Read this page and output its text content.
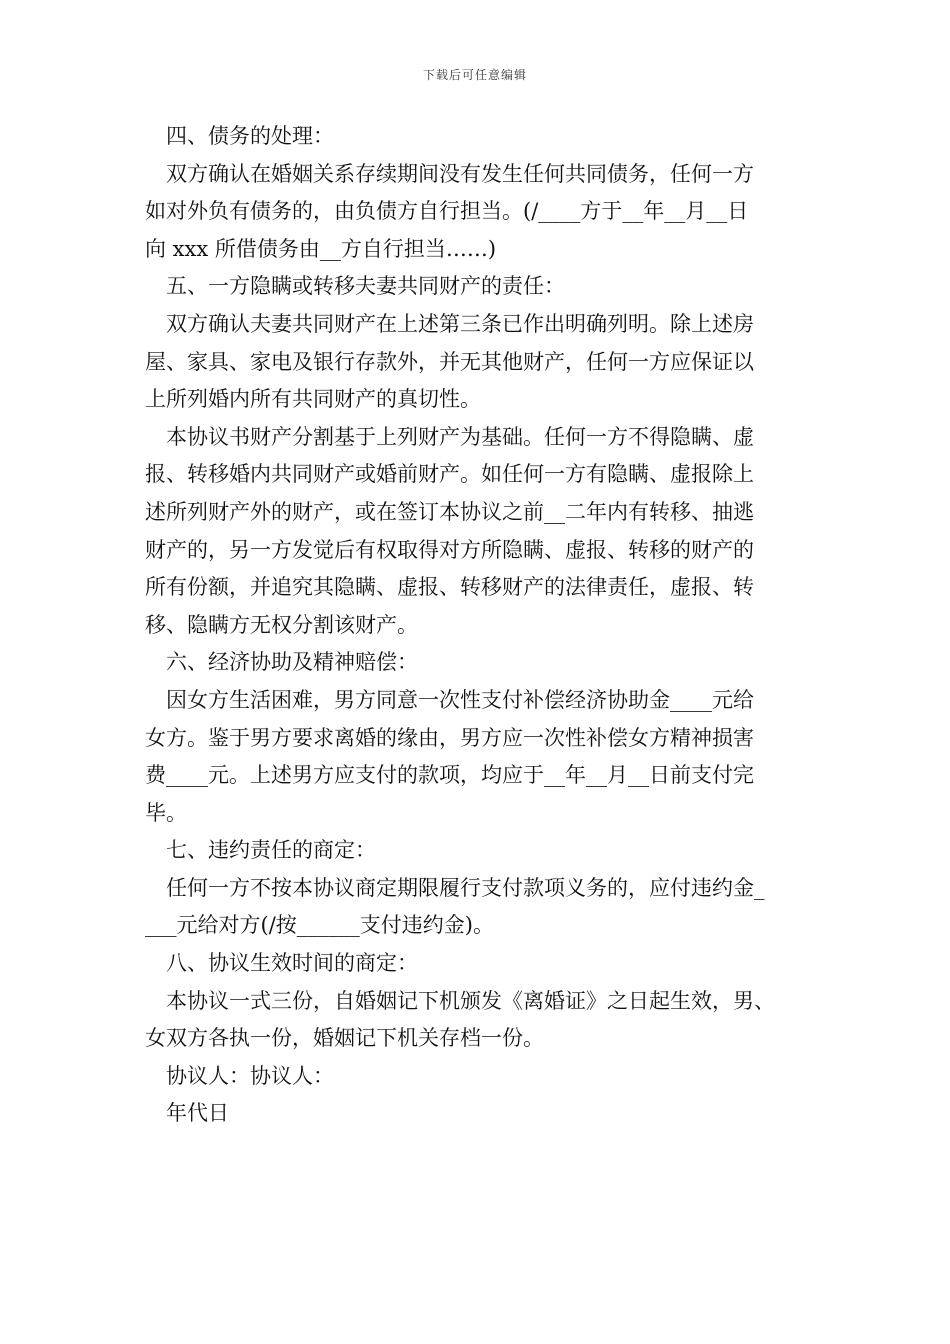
下载后可任意编辑
四、债务的处理：
双方确认在婚姻关系存续期间没有发生任何共同债务，任何一方
如对外负有债务的，由负债方自行担当。(/____方于__年__月__日
向 xxx 所借债务由__方自行担当……)
五、一方隐瞒或转移夫妻共同财产的责任：
双方确认夫妻共同财产在上述第三条已作出明确列明。除上述房
屋、家具、家电及银行存款外，并无其他财产，任何一方应保证以
上所列婚内所有共同财产的真切性。
本协议书财产分割基于上列财产为基础。任何一方不得隐瞒、虚
报、转移婚内共同财产或婚前财产。如任何一方有隐瞒、虚报除上
述所列财产外的财产，或在签订本协议之前__二年内有转移、抽逃
财产的，另一方发觉后有权取得对方所隐瞒、虚报、转移的财产的
所有份额，并追究其隐瞒、虚报、转移财产的法律责任，虚报、转
移、隐瞒方无权分割该财产。
六、经济协助及精神赔偿：
因女方生活困难，男方同意一次性支付补偿经济协助金____元给
女方。鉴于男方要求离婚的缘由，男方应一次性补偿女方精神损害
费____元。上述男方应支付的款项，均应于__年__月__日前支付完
毕。
七、违约责任的商定：
任何一方不按本协议商定期限履行支付款项义务的，应付违约金_
___元给对方(/按______支付违约金)。
八、协议生效时间的商定：
本协议一式三份，自婚姻记下机颁发《离婚证》之日起生效，男、
女双方各执一份，婚姻记下机关存档一份。
协议人：协议人：
年代日
